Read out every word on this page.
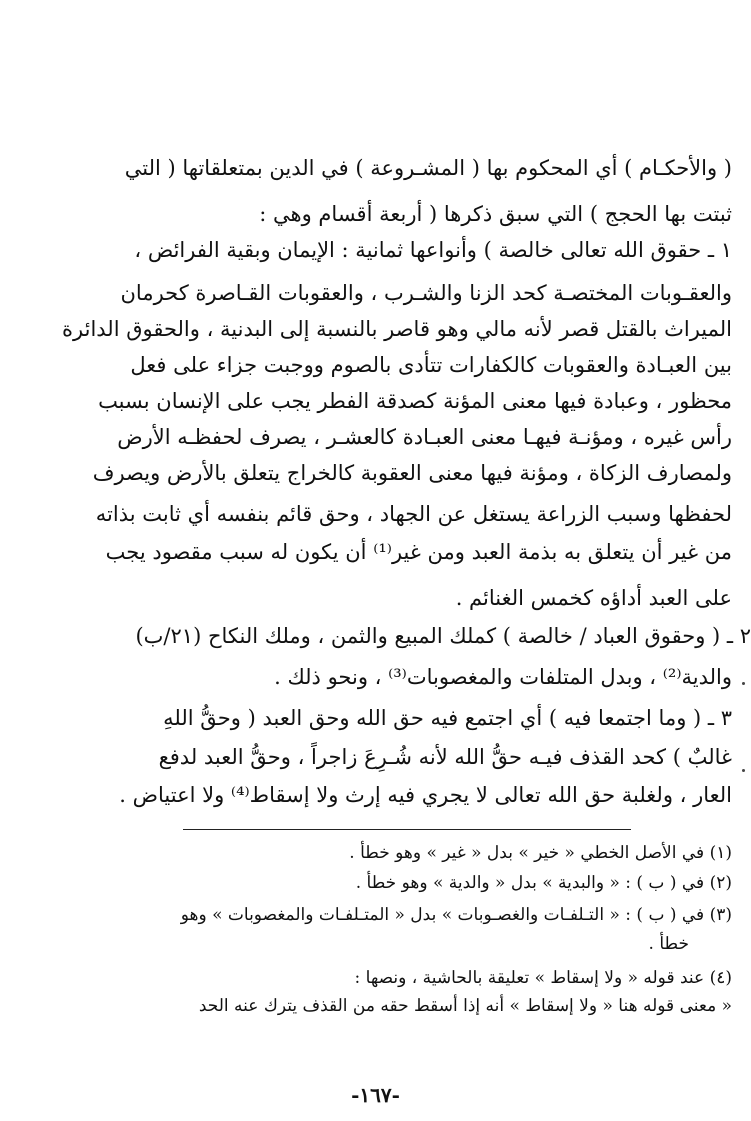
( والأحكـام ) أي المحكوم بها ( المشـروعة ) في الدين بمتعلقاتها ( التي
ثبتت بها الحجج ) التي سبق ذكرها ( أربعة أقسام وهي :
١ ـ حقوق الله تعالى خالصة ) وأنواعها ثمانية : الإيمان وبقية الفرائض ،
والعقـوبات المختصـة كحد الزنا والشـرب ، والعقوبات القـاصرة كحرمان
الميراث بالقتل قصر لأنه مالي وهو قاصر بالنسبة إلى البدنية ، والحقوق الدائرة
بين العبـادة والعقوبات كالكفارات تتأدى بالصوم ووجبت جزاء على فعل
محظور ، وعبادة فيها معنى المؤنة كصدقة الفطر يجب على الإنسان بسبب
رأس غيره ، ومؤنـة فيهـا معنى العبـادة كالعشـر ، يصرف لحفظـه الأرض
ولمصارف الزكاة ، ومؤنة فيها معنى العقوبة كالخراج يتعلق بالأرض ويصرف
لحفظها وسبب الزراعة يستغل عن الجهاد ، وحق قائم بنفسه أي ثابت بذاته
من غير أن يتعلق به بذمة العبد ومن غير⁽¹⁾ أن يكون له سبب مقصود يجب
على العبد أداؤه كخمس الغنائم .
٢ ـ ( وحقوق العباد / خالصة ) كملك المبيع والثمن ، وملك النكاح (٢١/ب)
والدية⁽²⁾ ، وبدل المتلفات والمغصوبات⁽³⁾ ، ونحو ذلك .
٣ ـ ( وما اجتمعا فيه ) أي اجتمع فيه حق الله وحق العبد ( وحقُّ اللهِ
غالبٌ ) كحد القذف فيـه حقُّ الله لأنه شُـرِعَ زاجراً ، وحقُّ العبد لدفع
العار ، ولغلبة حق الله تعالى لا يجري فيه إرث ولا إسقاط⁽⁴⁾ ولا اعتياض .
(١) في الأصل الخطي « خير » بدل « غير » وهو خطأ .
(٢) في ( ب ) : « والبدية » بدل « والدية » وهو خطأ .
(٣) في ( ب ) : « التـلفـات والغصـوبات » بدل « المتـلفـات والمغصوبات » وهو
خطأ .
(٤) عند قوله « ولا إسقاط » تعليقة بالحاشية ، ونصها :
« معنى قوله هنا « ولا إسقاط » أنه إذا أسقط حقه من القذف يترك عنه الحد
-١٦٧-
